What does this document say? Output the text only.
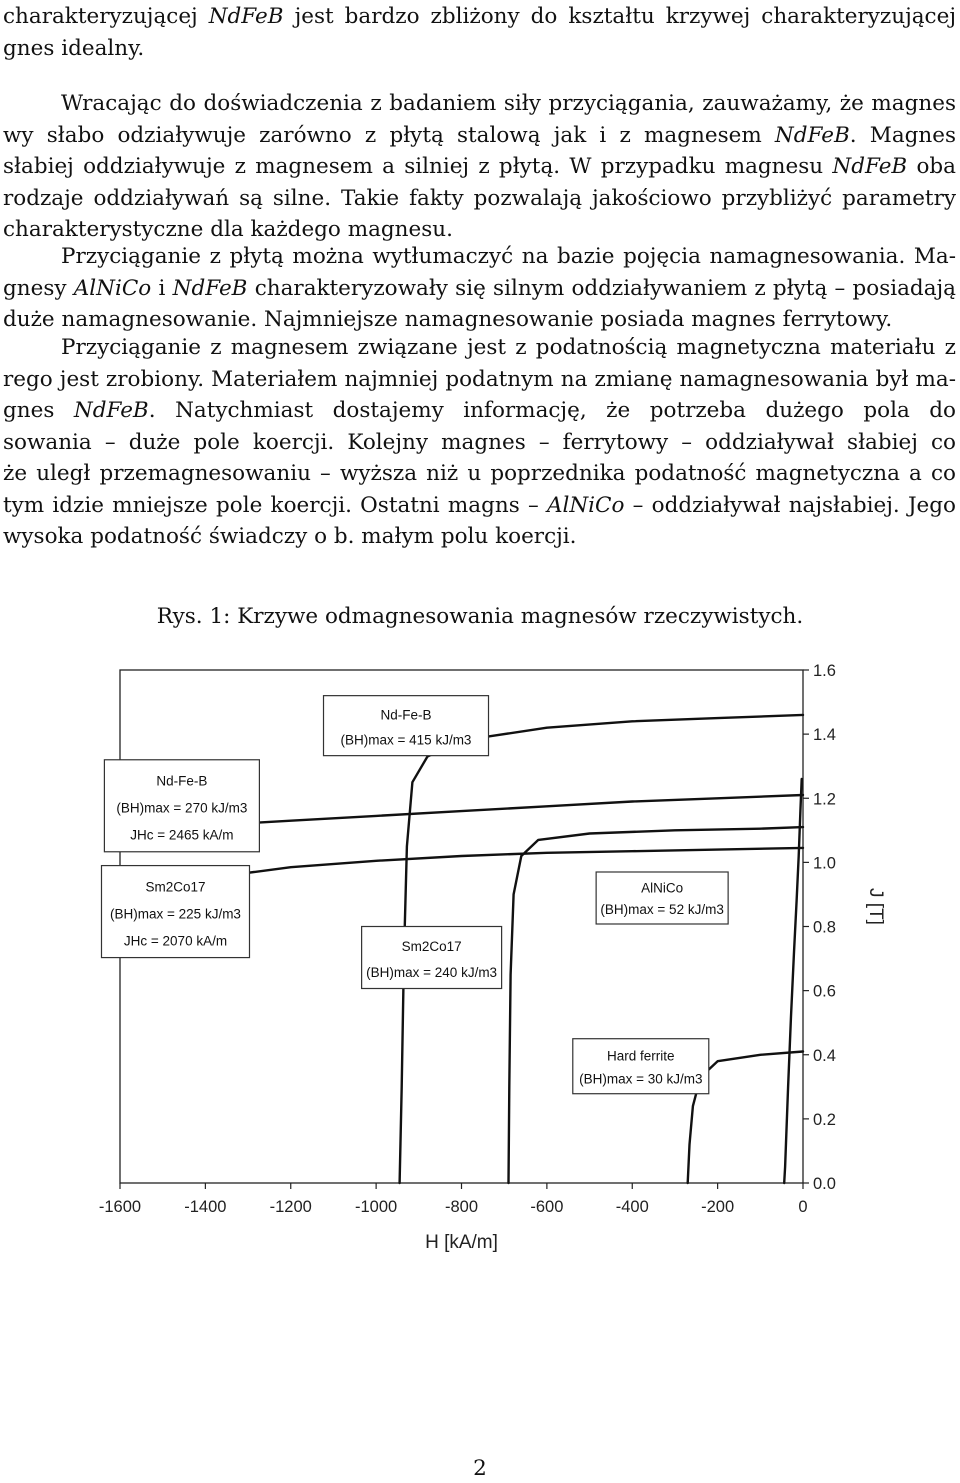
charakteryzującej NdFeB jest bardzo zbliżony do kształtu krzywej charakteryzującej
gnes idealny.
Wracając do doświadczenia z badaniem siły przyciągania, zauważamy, że magnes
wy słabo odziaływuje zarówno z płytą stalową jak i z magnesem NdFeB. Magnes
słabiej oddziaływuje z magnesem a silniej z płytą. W przypadku magnesu NdFeB oba
rodzaje oddziaływań są silne. Takie fakty pozwalają jakościowo przybliżyć parametry
charakterystyczne dla każdego magnesu.
Przyciąganie z płytą można wytłumaczyć na bazie pojęcia namagnesowania. Ma-
gnesy AlNiCo i NdFeB charakteryzowały się silnym oddziaływaniem z płytą – posiadają
duże namagnesowanie. Najmniejsze namagnesowanie posiada magnes ferrytowy.
Przyciąganie z magnesem związane jest z podatnością magnetyczna materiału z
rego jest zrobiony. Materiałem najmniej podatnym na zmianę namagnesowania był ma-
gnes NdFeB. Natychmiast dostajemy informację, że potrzeba dużego pola do
sowania – duże pole koercji. Kolejny magnes – ferrytowy – oddziaływał słabiej co
że uległ przemagnesowaniu – wyższa niż u poprzednika podatność magnetyczna a co
tym idzie mniejsze pole koercji. Ostatni magns – AlNiCo – oddziaływał najsłabiej. Jego
wysoka podatność świadczy o b. małym polu koercji.
Rys. 1: Krzywe odmagnesowania magnesów rzeczywistych.
-1600	-1400	-1200	-1000	-800	-600	-400	-200	0
0.0
0.2
0.4
0.6
0.8
1.0
1.2
1.4
1.6
H [kA/m]
J [T]
Nd-Fe-B
(BH)max = 415 kJ/m3
Nd-Fe-B
(BH)max = 270 kJ/m3
JHc = 2465 kA/m
Sm2Co17
(BH)max = 225 kJ/m3
JHc = 2070 kA/m	Sm2Co17
(BH)max = 240 kJ/m3
AlNiCo
(BH)max = 52 kJ/m3
Hard ferrite
(BH)max = 30 kJ/m3
2
